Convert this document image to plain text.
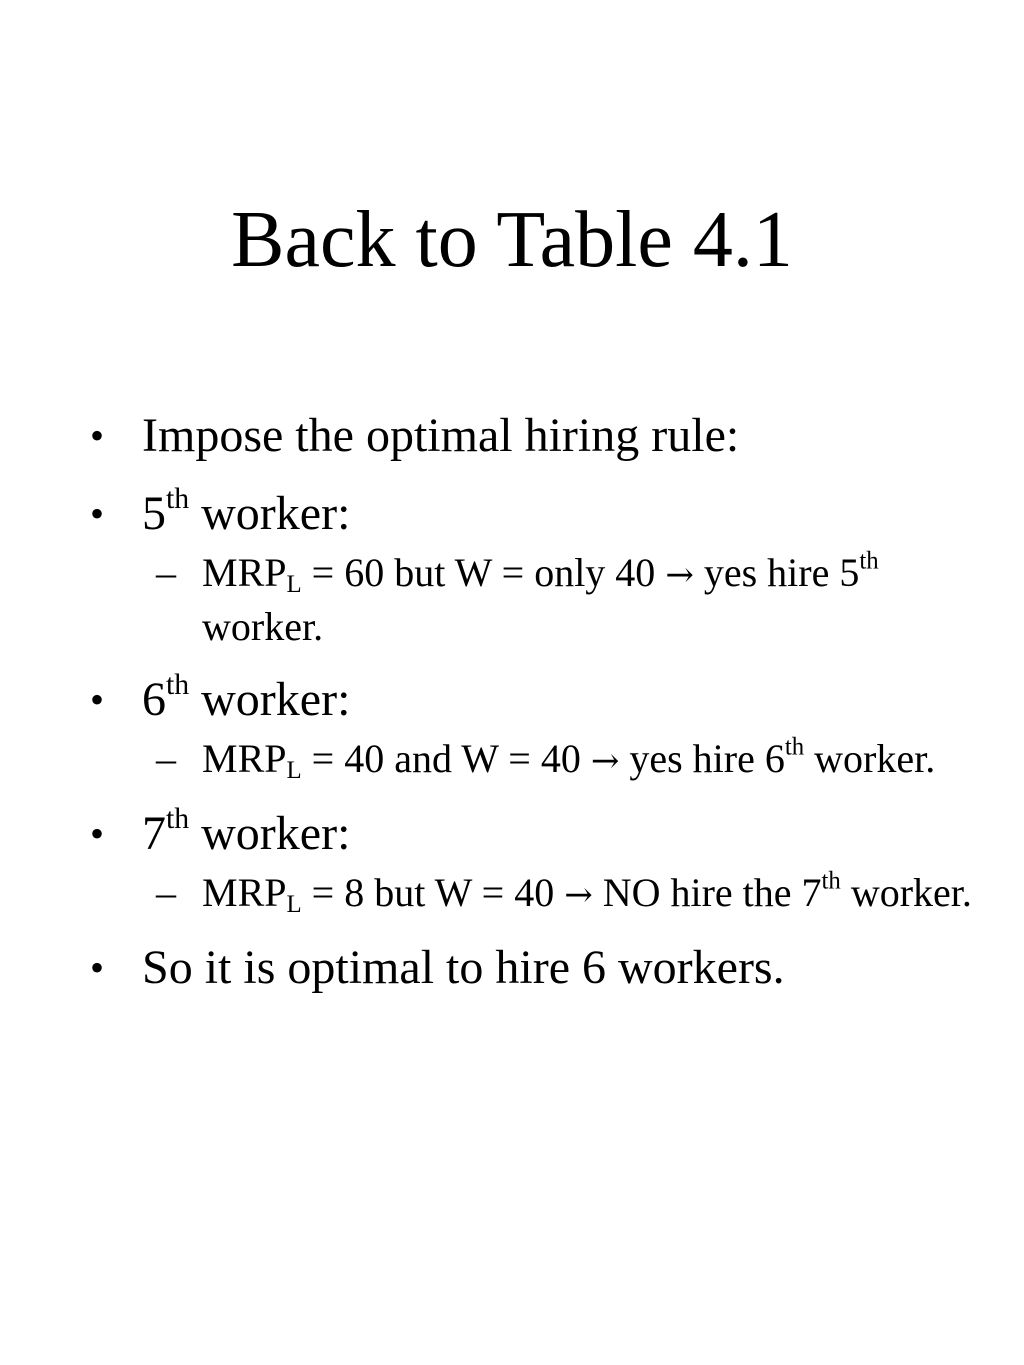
Back to Table 4.1
• Impose the optimal hiring rule:
• 5th worker:
– $MRP_L = 60$ but W = only 40 → yes hire 5th worker.
• 6th worker:
– $MRP_L = 40$ and W = 40 → yes hire 6th worker.
• 7th worker:
– $MRP_L = 8$ but W = 40 → NO hire the 7th worker.
• So it is optimal to hire 6 workers.
